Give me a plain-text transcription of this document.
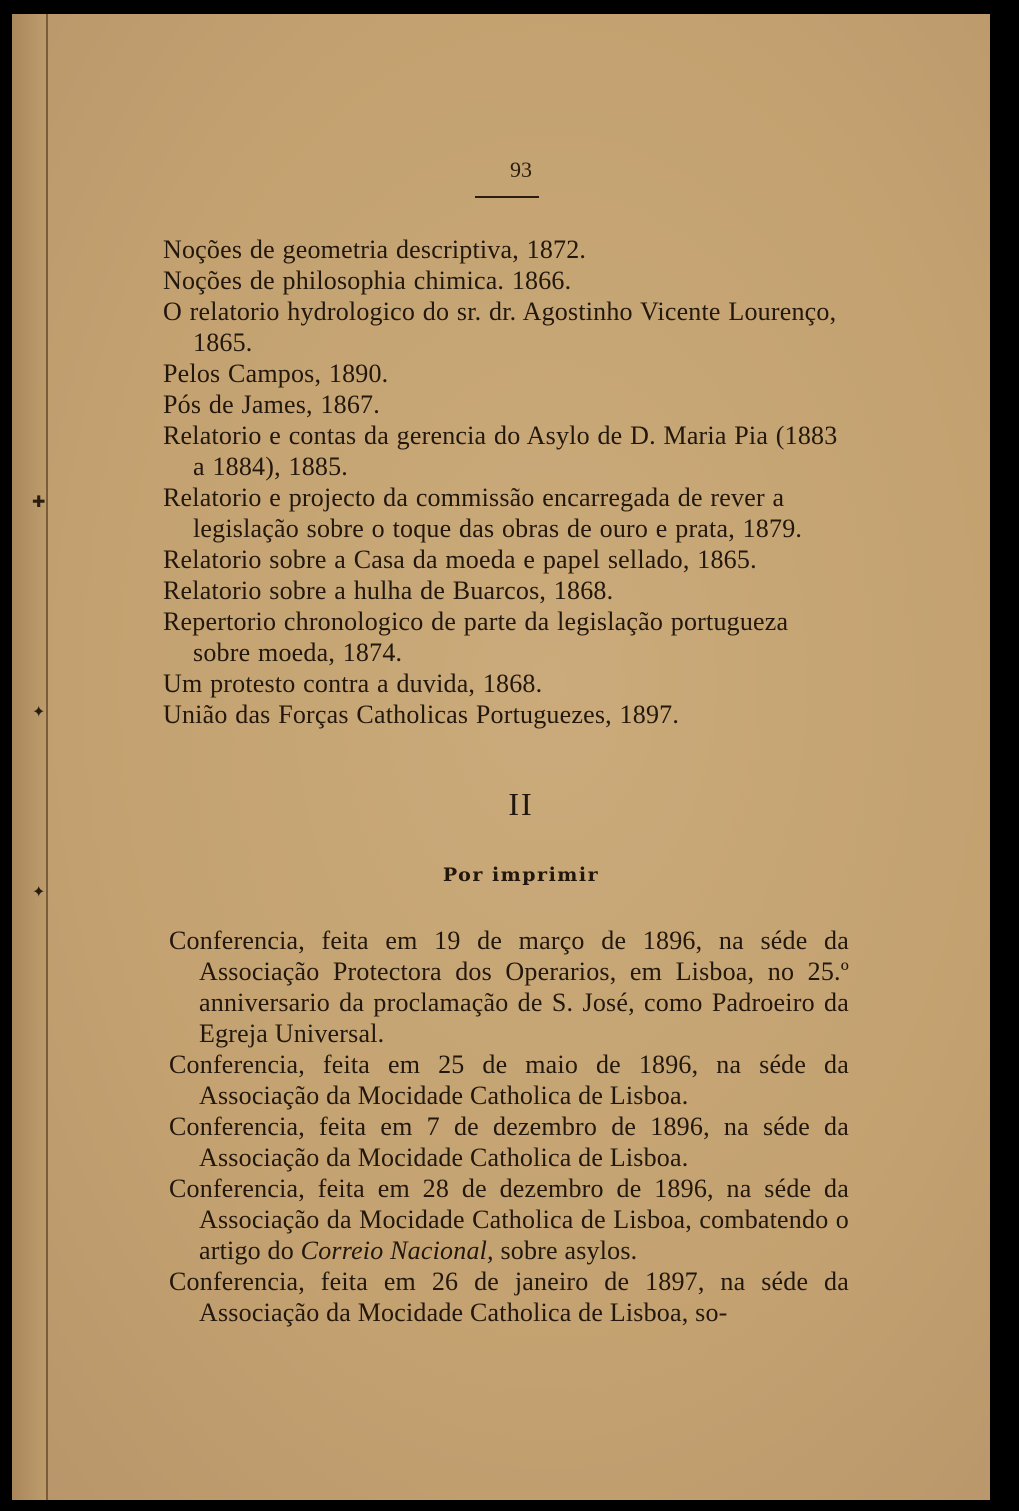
✚
✦
✦
93
Noções de geometria descriptiva, 1872.
Noções de philosophia chimica. 1866.
O relatorio hydrologico do sr. dr. Agostinho Vicente Lourenço, 1865.
Pelos Campos, 1890.
Pós de James, 1867.
Relatorio e contas da gerencia do Asylo de D. Maria Pia (1883 a 1884), 1885.
Relatorio e projecto da commissão encarregada de rever a legislação sobre o toque das obras de ouro e prata, 1879.
Relatorio sobre a Casa da moeda e papel sellado, 1865.
Relatorio sobre a hulha de Buarcos, 1868.
Repertorio chronologico de parte da legislação portugueza sobre moeda, 1874.
Um protesto contra a duvida, 1868.
União das Forças Catholicas Portuguezes, 1897.
II
Por imprimir
Conferencia, feita em 19 de março de 1896, na séde da Associação Protectora dos Operarios, em Lisboa, no 25.º anniversario da proclamação de S. José, como Padroeiro da Egreja Universal.
Conferencia, feita em 25 de maio de 1896, na séde da Associação da Mocidade Catholica de Lisboa.
Conferencia, feita em 7 de dezembro de 1896, na séde da Associação da Mocidade Catholica de Lisboa.
Conferencia, feita em 28 de dezembro de 1896, na séde da Associação da Mocidade Catholica de Lisboa, combatendo o artigo do Correio Nacional, sobre asylos.
Conferencia, feita em 26 de janeiro de 1897, na séde da Associação da Mocidade Catholica de Lisboa, so-
